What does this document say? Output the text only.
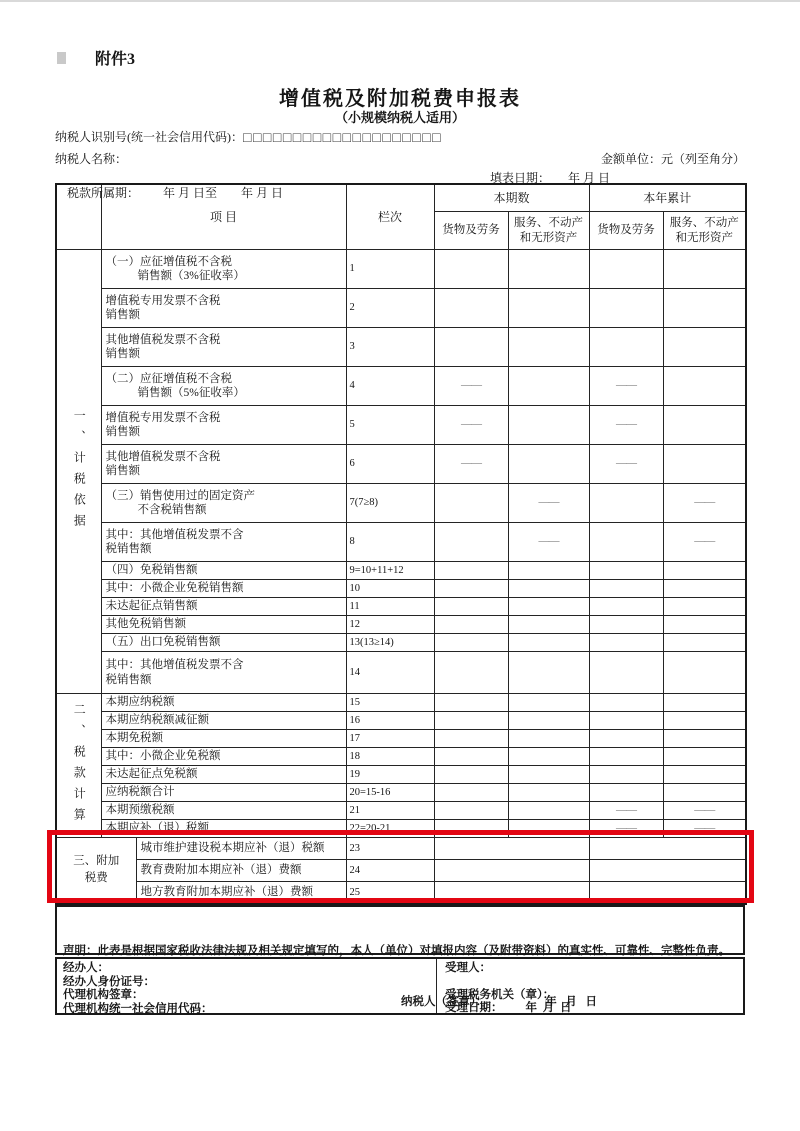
附件3
增值税及附加税费申报表
（小规模纳税人适用）
纳税人识别号(统一社会信用代码)：□□□□□□□□□□□□□□□□□□□□
纳税人名称：	金额单位：元（列至角分）

税款所属期：        年 月 日至        年 月 日

填表日期：      年 月 日

	项 目		栏次	本期数		本年累计	
				货物及劳务	服务、不动产和无形资产	货物及劳务	服务、不动产和无形资产

一、计税依据	（一）应征增值税不含税
销售额（3%征收率）		1				
	增值税专用发票不含税
销售额		2				
	其他增值税发票不含税
销售额		3				
	（二）应征增值税不含税
销售额（5%征收率）		4	——		——	
	增值税专用发票不含税
销售额		5	——		——	
	其他增值税发票不含税
销售额		6	——		——	
	（三）销售使用过的固定资产
不含税销售额		7(7≥8)		——		——
	其中：其他增值税发票不含
税销售额		8		——		——
	（四）免税销售额		9=10+11+12				
	其中：小微企业免税销售额		10				
	未达起征点销售额		11				
	其他免税销售额		12				
	（五）出口免税销售额		13(13≥14)				
	其中：其他增值税发票不含
税销售额		14				

二、税款计算	本期应纳税额		15				
	本期应纳税额减征额		16				
	本期免税额		17				
	其中：小微企业免税额		18				
	未达起征点免税额		19				
	应纳税额合计		20=15-16				
	本期预缴税额		21			——	——
	本期应补（退）税额		22=20-21			——	——

三、附加
税费		城市维护建设税本期应补（退）税额	23				
		教育费附加本期应补（退）费额	24				
		地方教育附加本期应补（退）费额	25				

声明：此表是根据国家税收法律法规及相关规定填写的，本人（单位）对填报内容（及附带资料）的真实性、可靠性、完整性负责。

纳税人（签章）：	年   月   日

经办人：
经办人身份证号：
代理机构签章：
代理机构统一社会信用代码：
受理人：
受理税务机关（章）：
受理日期：        年  月  日
